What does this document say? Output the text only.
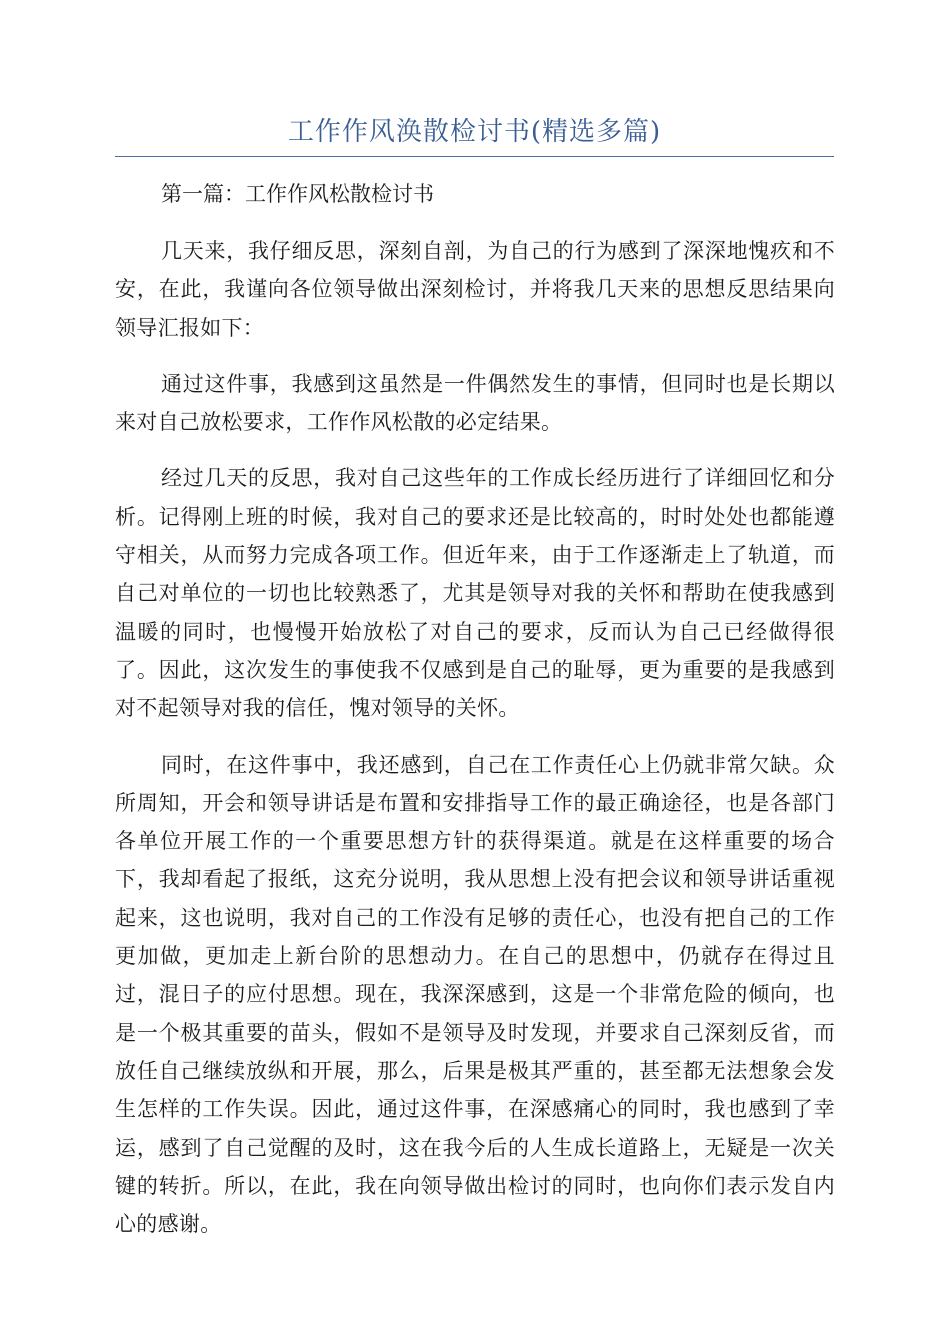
工作作风涣散检讨书(精选多篇)

第一篇：工作作风松散检讨书

几天来，我仔细反思，深刻自剖，为自己的行为感到了深深地愧疚和不安，在此，我谨向各位领导做出深刻检讨，并将我几天来的思想反思结果向领导汇报如下：

通过这件事，我感到这虽然是一件偶然发生的事情，但同时也是长期以来对自己放松要求，工作作风松散的必定结果。

经过几天的反思，我对自己这些年的工作成长经历进行了详细回忆和分析。记得刚上班的时候，我对自己的要求还是比较高的，时时处处也都能遵守相关，从而努力完成各项工作。但近年来，由于工作逐渐走上了轨道，而自己对单位的一切也比较熟悉了，尤其是领导对我的关怀和帮助在使我感到温暖的同时，也慢慢开始放松了对自己的要求，反而认为自己已经做得很了。因此，这次发生的事使我不仅感到是自己的耻辱，更为重要的是我感到对不起领导对我的信任，愧对领导的关怀。

同时，在这件事中，我还感到，自己在工作责任心上仍就非常欠缺。众所周知，开会和领导讲话是布置和安排指导工作的最正确途径，也是各部门各单位开展工作的一个重要思想方针的获得渠道。就是在这样重要的场合下，我却看起了报纸，这充分说明，我从思想上没有把会议和领导讲话重视起来，这也说明，我对自己的工作没有足够的责任心，也没有把自己的工作更加做，更加走上新台阶的思想动力。在自己的思想中，仍就存在得过且过，混日子的应付思想。现在，我深深感到，这是一个非常危险的倾向，也是一个极其重要的苗头，假如不是领导及时发现，并要求自己深刻反省，而放任自己继续放纵和开展，那么，后果是极其严重的，甚至都无法想象会发生怎样的工作失误。因此，通过这件事，在深感痛心的同时，我也感到了幸运，感到了自己觉醒的及时，这在我今后的人生成长道路上，无疑是一次关键的转折。所以，在此，我在向领导做出检讨的同时，也向你们表示发自内心的感谢。
